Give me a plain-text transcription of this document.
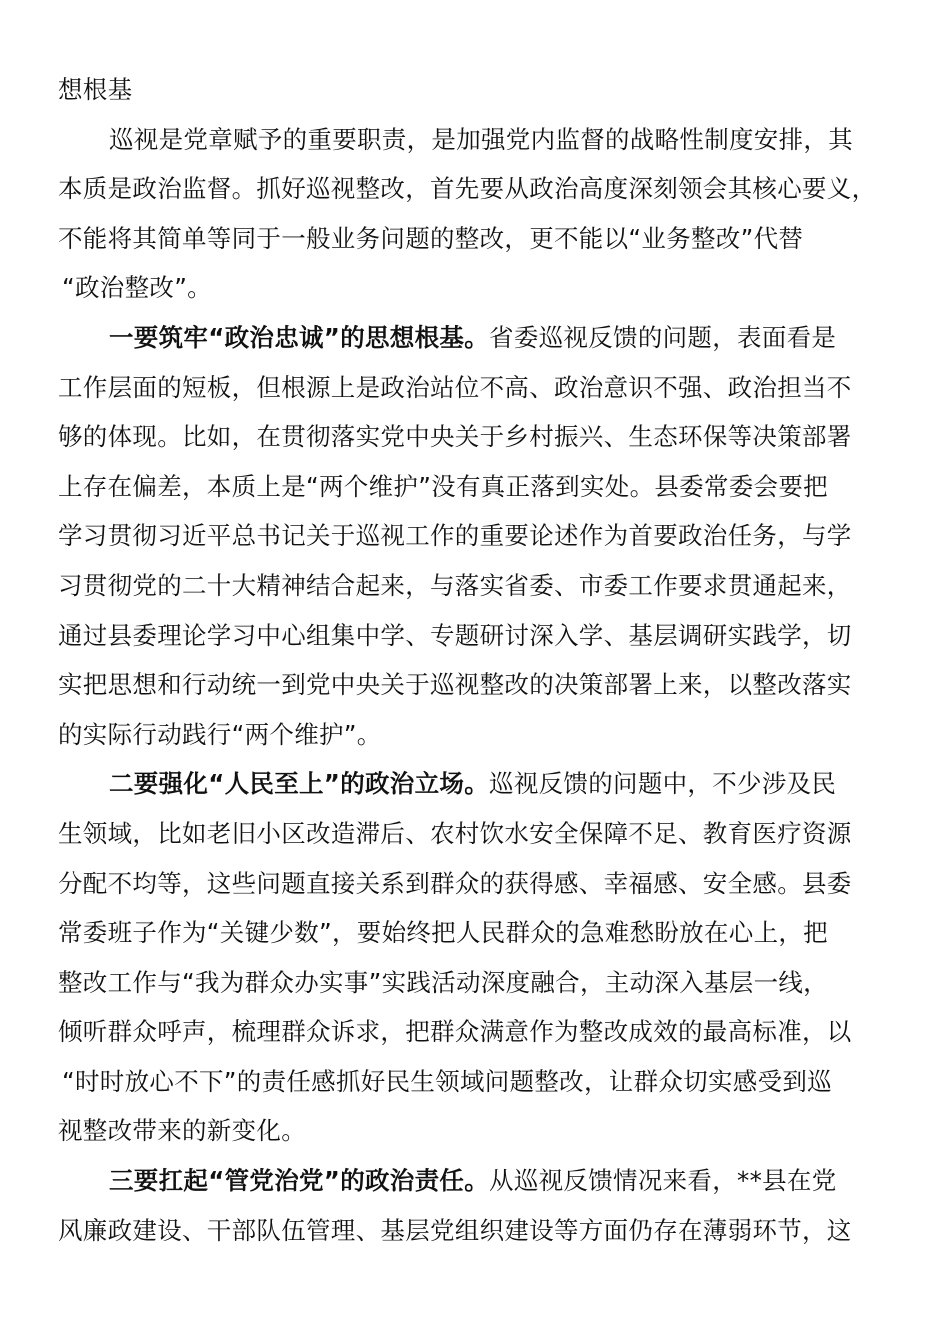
想根基
巡视是党章赋予的重要职责，是加强党内监督的战略性制度安排，其
本质是政治监督。抓好巡视整改，首先要从政治高度深刻领会其核心要义，
不能将其简单等同于一般业务问题的整改，更不能以“业务整改”代替
“政治整改”。
一要筑牢“政治忠诚”的思想根基。省委巡视反馈的问题，表面看是
工作层面的短板，但根源上是政治站位不高、政治意识不强、政治担当不
够的体现。比如，在贯彻落实党中央关于乡村振兴、生态环保等决策部署
上存在偏差，本质上是“两个维护”没有真正落到实处。县委常委会要把
学习贯彻习近平总书记关于巡视工作的重要论述作为首要政治任务，与学
习贯彻党的二十大精神结合起来，与落实省委、市委工作要求贯通起来，
通过县委理论学习中心组集中学、专题研讨深入学、基层调研实践学，切
实把思想和行动统一到党中央关于巡视整改的决策部署上来，以整改落实
的实际行动践行“两个维护”。
二要强化“人民至上”的政治立场。巡视反馈的问题中，不少涉及民
生领域，比如老旧小区改造滞后、农村饮水安全保障不足、教育医疗资源
分配不均等，这些问题直接关系到群众的获得感、幸福感、安全感。县委
常委班子作为“关键少数”，要始终把人民群众的急难愁盼放在心上，把
整改工作与“我为群众办实事”实践活动深度融合，主动深入基层一线，
倾听群众呼声，梳理群众诉求，把群众满意作为整改成效的最高标准，以
“时时放心不下”的责任感抓好民生领域问题整改，让群众切实感受到巡
视整改带来的新变化。
三要扛起“管党治党”的政治责任。从巡视反馈情况来看，**县在党
风廉政建设、干部队伍管理、基层党组织建设等方面仍存在薄弱环节，这
